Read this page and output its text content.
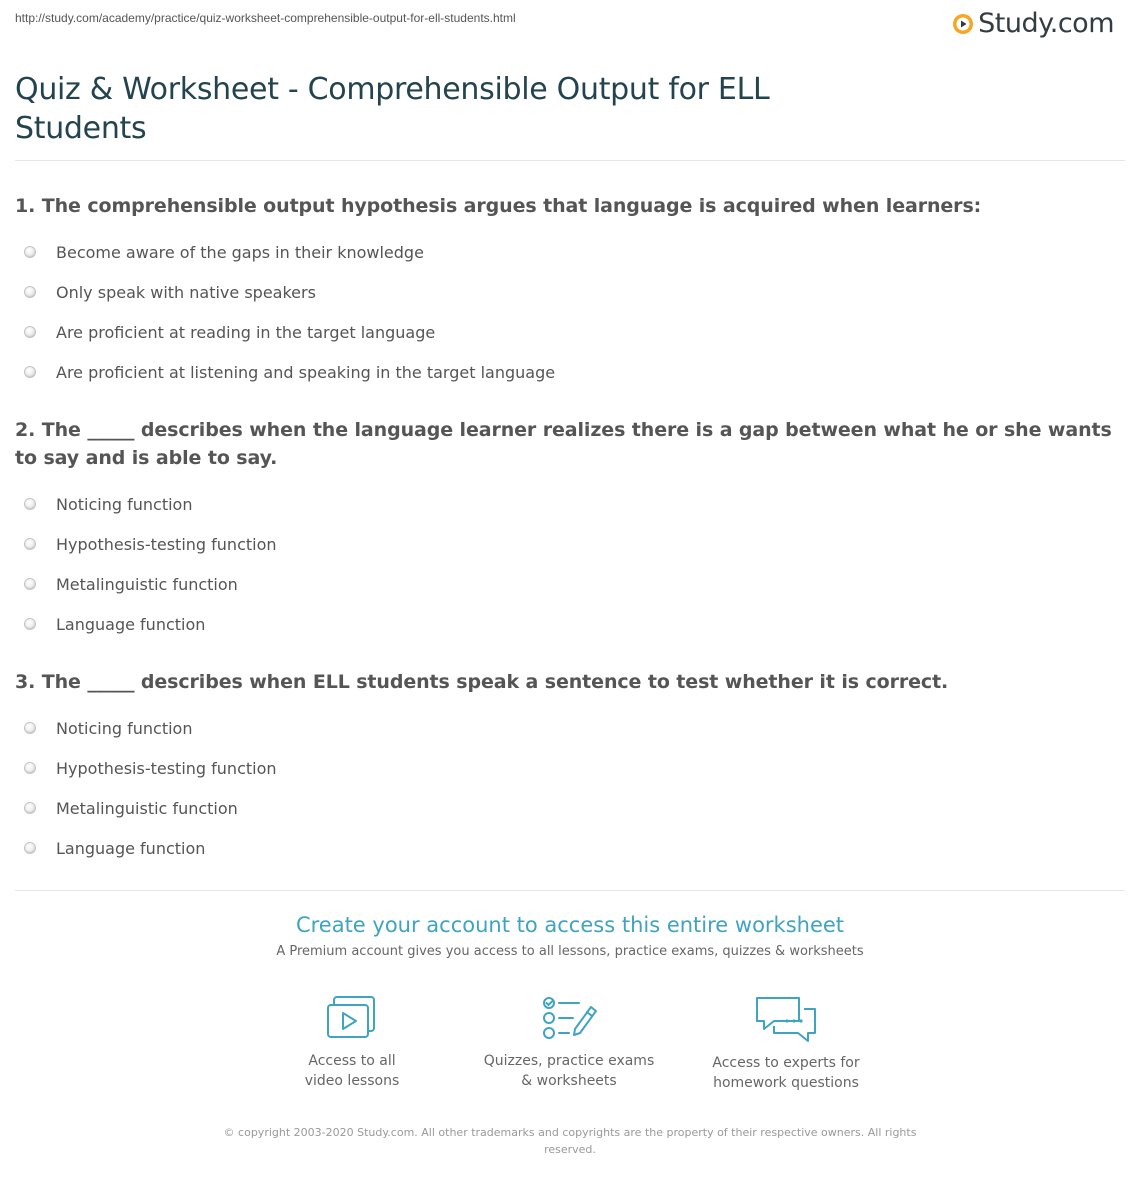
http://study.com/academy/practice/quiz-worksheet-comprehensible-output-for-ell-students.html	Study.com
Quiz & Worksheet - Comprehensible Output for ELL Students
1. The comprehensible output hypothesis argues that language is acquired when learners:
Become aware of the gaps in their knowledge
Only speak with native speakers
Are proficient at reading in the target language
Are proficient at listening and speaking in the target language
2. The _____ describes when the language learner realizes there is a gap between what he or she wants to say and is able to say.
Noticing function
Hypothesis-testing function
Metalinguistic function
Language function
3. The _____ describes when ELL students speak a sentence to test whether it is correct.
Noticing function
Hypothesis-testing function
Metalinguistic function
Language function
Create your account to access this entire worksheet
A Premium account gives you access to all lessons, practice exams, quizzes & worksheets
Access to all
video lessons
Quizzes, practice exams
& worksheets
Access to experts for
homework questions
© copyright 2003-2020 Study.com. All other trademarks and copyrights are the property of their respective owners. All rights reserved.
